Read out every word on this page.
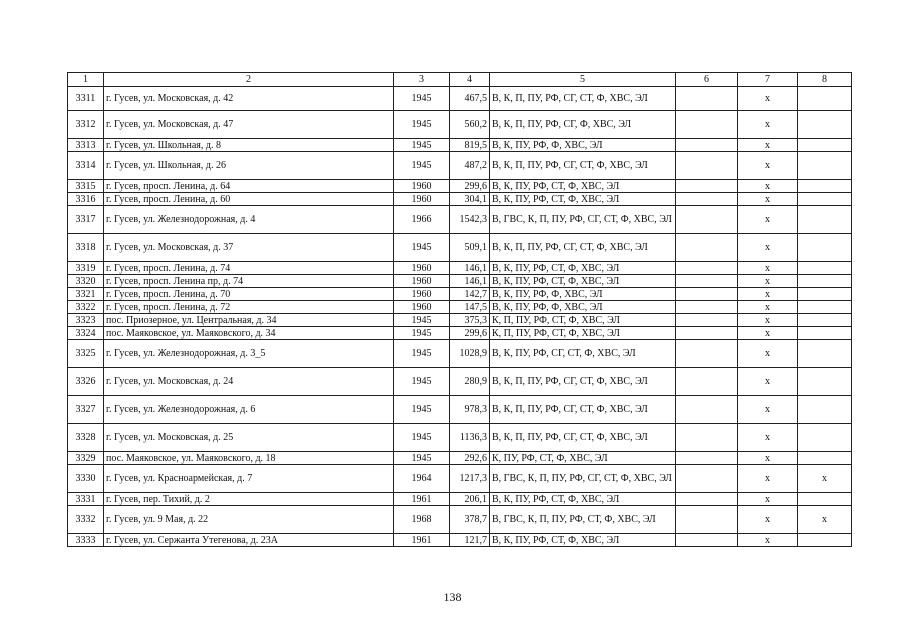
1	2	3	4	5	6	7	8
3311	г. Гусев, ул. Московская, д. 42	1945	467,5	В, К, П, ПУ, РФ, СГ, СТ, Ф, ХВС, ЭЛ		x	
3312	г. Гусев, ул. Московская, д. 47	1945	560,2	В, К, П, ПУ, РФ, СГ, Ф, ХВС, ЭЛ		x	
3313	г. Гусев, ул. Школьная, д. 8	1945	819,5	В, К, ПУ, РФ, Ф, ХВС, ЭЛ		x	
3314	г. Гусев, ул. Школьная, д. 26	1945	487,2	В, К, П, ПУ, РФ, СГ, СТ, Ф, ХВС, ЭЛ		x	
3315	г. Гусев, просп. Ленина, д. 64	1960	299,6	В, К, ПУ, РФ, СТ, Ф, ХВС, ЭЛ		x	
3316	г. Гусев, просп. Ленина, д. 60	1960	304,1	В, К, ПУ, РФ, СТ, Ф, ХВС, ЭЛ		x	
3317	г. Гусев, ул. Железнодорожная, д. 4	1966	1542,3	В, ГВС, К, П, ПУ, РФ, СГ, СТ, Ф, ХВС, ЭЛ		x	
3318	г. Гусев, ул. Московская, д. 37	1945	509,1	В, К, П, ПУ, РФ, СГ, СТ, Ф, ХВС, ЭЛ		x	
3319	г. Гусев, просп. Ленина, д. 74	1960	146,1	В, К, ПУ, РФ, СТ, Ф, ХВС, ЭЛ		x	
3320	г. Гусев, просп. Ленина пр, д. 74	1960	146,1	В, К, ПУ, РФ, СТ, Ф, ХВС, ЭЛ		x	
3321	г. Гусев, просп. Ленина, д. 70	1960	142,7	В, К, ПУ, РФ, Ф, ХВС, ЭЛ		x	
3322	г. Гусев, просп. Ленина, д. 72	1960	147,5	В, К, ПУ, РФ, Ф, ХВС, ЭЛ		x	
3323	пос. Приозерное, ул. Центральная, д. 34	1945	375,3	К, П, ПУ, РФ, СТ, Ф, ХВС, ЭЛ		x	
3324	пос. Маяковское, ул. Маяковского, д. 34	1945	299,6	К, П, ПУ, РФ, СТ, Ф, ХВС, ЭЛ		x	
3325	г. Гусев, ул. Железнодорожная, д. 3_5	1945	1028,9	В, К, ПУ, РФ, СГ, СТ, Ф, ХВС, ЭЛ		x	
3326	г. Гусев, ул. Московская, д. 24	1945	280,9	В, К, П, ПУ, РФ, СГ, СТ, Ф, ХВС, ЭЛ		x	
3327	г. Гусев, ул. Железнодорожная, д. 6	1945	978,3	В, К, П, ПУ, РФ, СГ, СТ, Ф, ХВС, ЭЛ		x	
3328	г. Гусев, ул. Московская, д. 25	1945	1136,3	В, К, П, ПУ, РФ, СГ, СТ, Ф, ХВС, ЭЛ		x	
3329	пос. Маяковское, ул. Маяковского, д. 18	1945	292,6	К, ПУ, РФ, СТ, Ф, ХВС, ЭЛ		x	
3330	г. Гусев, ул. Красноармейская, д. 7	1964	1217,3	В, ГВС, К, П, ПУ, РФ, СГ, СТ, Ф, ХВС, ЭЛ		x	x
3331	г. Гусев, пер. Тихий, д. 2	1961	206,1	В, К, ПУ, РФ, СТ, Ф, ХВС, ЭЛ		x	
3332	г. Гусев, ул. 9 Мая, д. 22	1968	378,7	В, ГВС, К, П, ПУ, РФ, СТ, Ф, ХВС, ЭЛ		x	x
3333	г. Гусев, ул. Сержанта Утегенова, д. 23А	1961	121,7	В, К, ПУ, РФ, СТ, Ф, ХВС, ЭЛ		x	
138
